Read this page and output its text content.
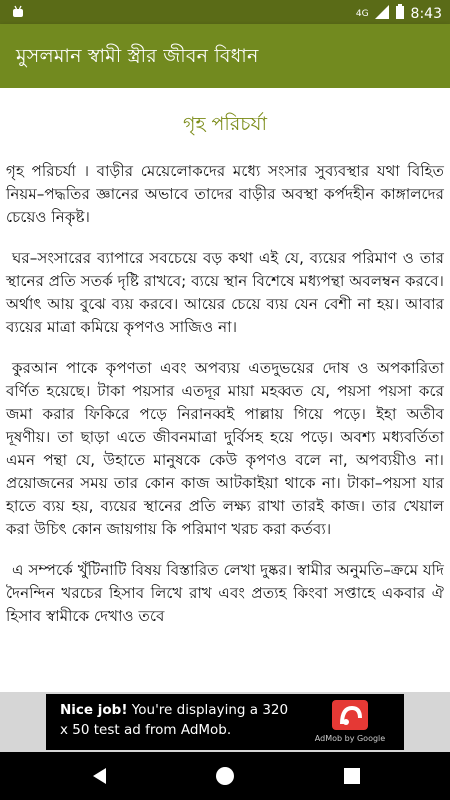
4G	8:43
মুসলমান স্বামী স্ত্রীর জীবন বিধান
গৃহ পরিচর্যা

গৃহ পরিচর্যা । বাড়ীর মেয়েলোকদের মধ্যে সংসার সুব্যবস্থার যথা বিহিত নিয়ম–পদ্ধতির জ্ঞানের অভাবে তাদের বাড়ীর অবস্থা কর্পদহীন কাঙ্গালদের চেয়েও নিকৃষ্ট।

ঘর–সংসারের ব্যাপারে সবচেয়ে বড় কথা এই যে, ব্যয়ের পরিমাণ ও তার স্থানের প্রতি সতর্ক দৃষ্টি রাখবে; ব্যয়ে স্থান বিশেষে মধ্যপন্থা অবলম্বন করবে। অর্থাৎ আয় বুঝে ব্যয় করবে। আয়ের চেয়ে ব্যয় যেন বেশী না হয়। আবার ব্যয়ের মাত্রা কমিয়ে কৃপণও সাজিও না।

কুরআন পাকে কৃপণতা এবং অপব্যয় এতদুভয়ের দোষ ও অপকারিতা বর্ণিত হয়েছে। টাকা পয়সার এতদূর মায়া মহব্বত যে, পয়সা পয়সা করে জমা করার ফিকিরে পড়ে নিরানব্বই পাল্লায় গিয়ে পড়ে। ইহা অতীব দূষণীয়। তা ছাড়া এতে জীবনমাত্রা দুর্বিসহ হয়ে পড়ে। অবশ্য মধ্যবর্তিতা এমন পন্থা যে, উহাতে মানুষকে কেউ কৃপণও বলে না, অপব্যয়ীও না। প্রয়োজনের সময় তার কোন কাজ আটকাইয়া থাকে না। টাকা–পয়সা যার হাতে ব্যয় হয়, ব্যয়ের স্থানের প্রতি লক্ষ্য রাখা তারই কাজ। তার খেয়াল করা উচিৎ কোন জায়গায় কি পরিমাণ খরচ করা কর্তব্য।

এ সম্পর্কে খুঁটিনাটি বিষয় বিস্তারিত লেখা দুষ্কর। স্বামীর অনুমতি–ক্রমে যদি দৈনন্দিন খরচের হিসাব লিখে রাখ এবং প্রত্যহ কিংবা সপ্তাহে একবার ঐ হিসাব স্বামীকে দেখাও তবে

Nice job! You're displaying a 320 x 50 test ad from AdMob.
AdMob by Google
